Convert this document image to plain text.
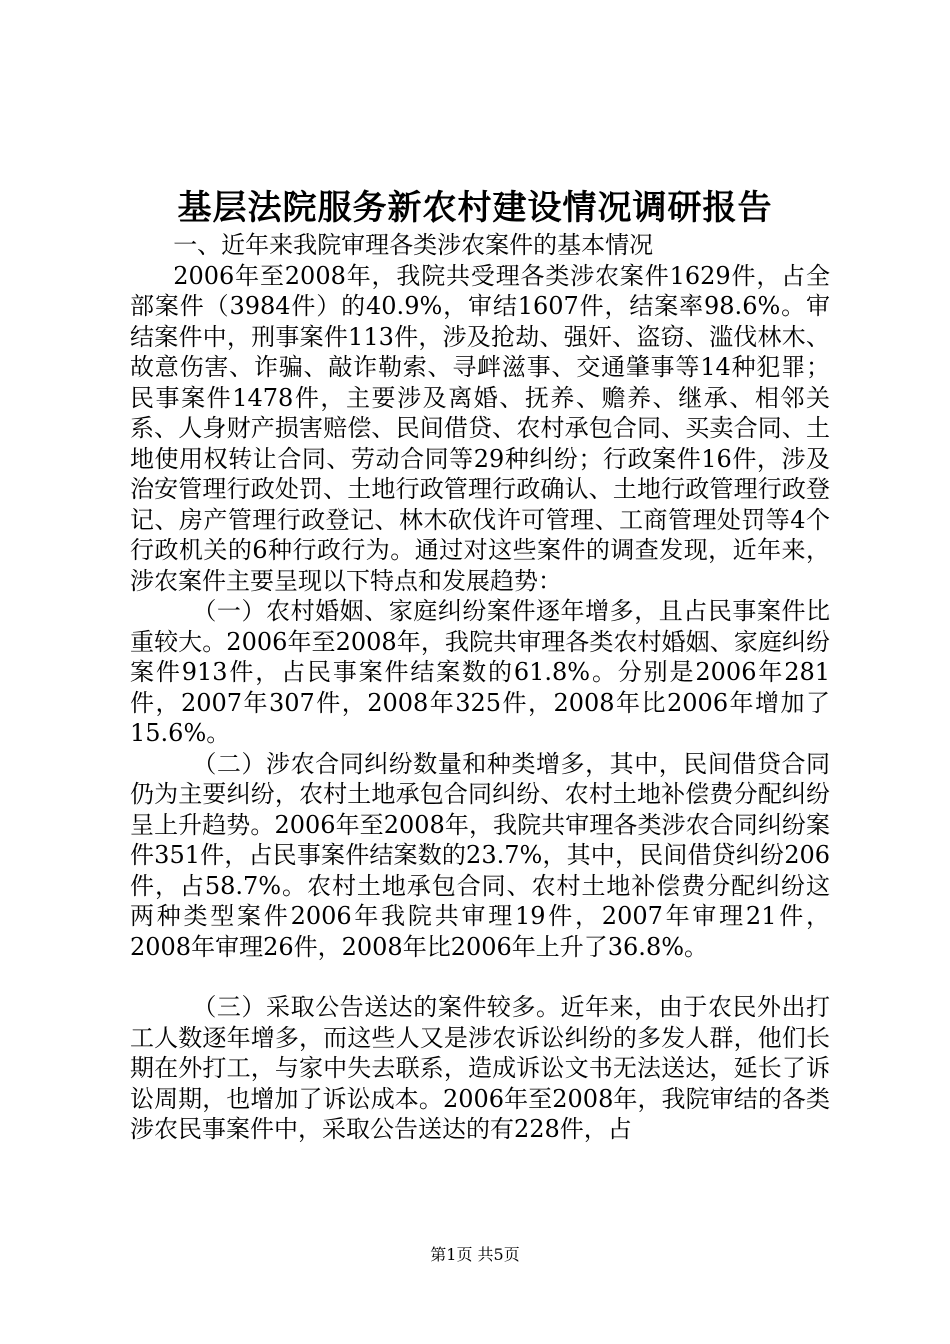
基层法院服务新农村建设情况调研报告

一、近年来我院审理各类涉农案件的基本情况

2006年至2008年，我院共受理各类涉农案件1629件，占全部案件（3984件）的40.9%，审结1607件，结案率98.6%。审结案件中，刑事案件113件，涉及抢劫、强奸、盗窃、滥伐林木、故意伤害、诈骗、敲诈勒索、寻衅滋事、交通肇事等14种犯罪；民事案件1478件，主要涉及离婚、抚养、赡养、继承、相邻关系、人身财产损害赔偿、民间借贷、农村承包合同、买卖合同、土地使用权转让合同、劳动合同等29种纠纷；行政案件16件，涉及治安管理行政处罚、土地行政管理行政确认、土地行政管理行政登记、房产管理行政登记、林木砍伐许可管理、工商管理处罚等4个行政机关的6种行政行为。通过对这些案件的调查发现，近年来，涉农案件主要呈现以下特点和发展趋势：

（一）农村婚姻、家庭纠纷案件逐年增多，且占民事案件比重较大。2006年至2008年，我院共审理各类农村婚姻、家庭纠纷案件913件，占民事案件结案数的61.8%。分别是2006年281件，2007年307件，2008年325件，2008年比2006年增加了15.6%。

（二）涉农合同纠纷数量和种类增多，其中，民间借贷合同仍为主要纠纷，农村土地承包合同纠纷、农村土地补偿费分配纠纷呈上升趋势。2006年至2008年，我院共审理各类涉农合同纠纷案件351件，占民事案件结案数的23.7%，其中，民间借贷纠纷206件，占58.7%。农村土地承包合同、农村土地补偿费分配纠纷这两种类型案件2006年我院共审理19件，2007年审理21件，2008年审理26件，2008年比2006年上升了36.8%。

（三）采取公告送达的案件较多。近年来，由于农民外出打工人数逐年增多，而这些人又是涉农诉讼纠纷的多发人群，他们长期在外打工，与家中失去联系，造成诉讼文书无法送达，延长了诉讼周期，也增加了诉讼成本。2006年至2008年，我院审结的各类涉农民事案件中，采取公告送达的有228件，占

第1页 共5页
